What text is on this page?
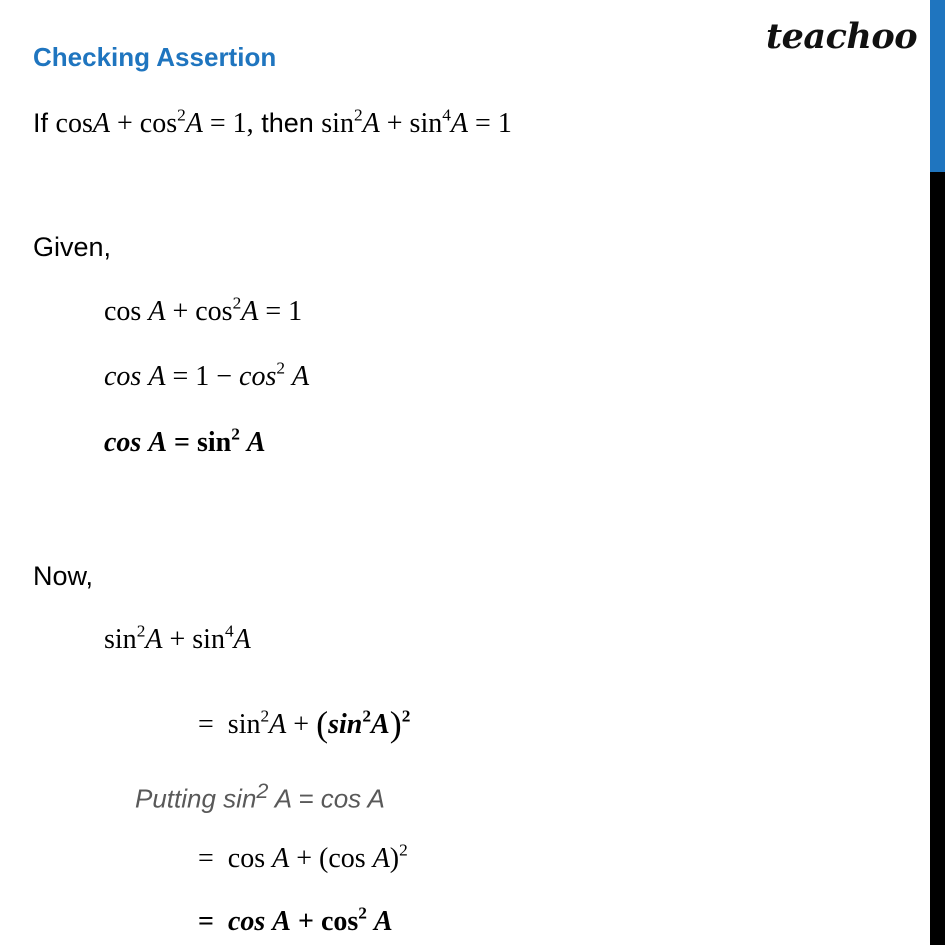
Checking Assertion	teachoo
If $\cos A + \cos^2A = 1$, then $\sin^2A + \sin^4A = 1$
Given,
$\cos A + \cos^2A = 1$
$\cos A = 1 - \cos^2 A$
$\cos A = \sin^2 A$
Now,
$\sin^2A + \sin^4A$
= $\sin^2A + (\sin^2A)^2$
Putting $\sin^2 A = \cos A$
= cos A + (cos A)$^2$
= $\cos A + \cos^2 A$
